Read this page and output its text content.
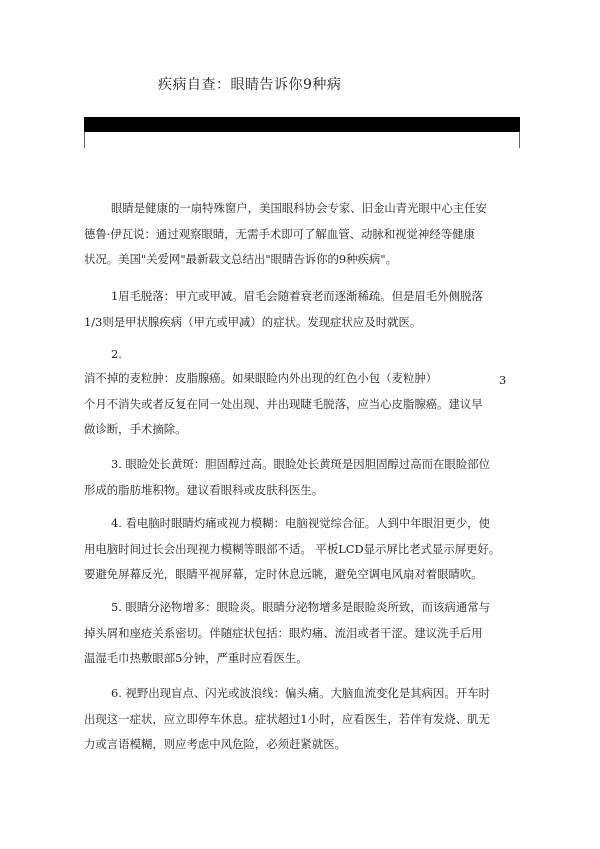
疾病自查：眼睛告诉你9种病
眼睛是健康的一扇特殊窗户，美国眼科协会专家、旧金山青光眼中心主任安
德鲁·伊瓦说：通过观察眼睛，无需手术即可了解血管、动脉和视觉神经等健康
状况。美国"关爱网"最新载文总结出"眼睛告诉你的9种疾病"。
1眉毛脱落：甲亢或甲减。眉毛会随着衰老而逐渐稀疏。但是眉毛外侧脱落
1/3则是甲状腺疾病（甲亢或甲减）的症状。发现症状应及时就医。
2.
消不掉的麦粒肿：皮脂腺癌。如果眼睑内外出现的红色小包（麦粒肿）
个月不消失或者反复在同一处出现、并出现睫毛脱落，应当心皮脂腺癌。建议早
做诊断，手术摘除。
3
3. 眼睑处长黄斑：胆固醇过高。眼睑处长黄斑是因胆固醇过高而在眼睑部位
形成的脂肪堆积物。建议看眼科或皮肤科医生。
4. 看电脑时眼睛灼痛或视力模糊：电脑视觉综合征。人到中年眼泪更少，使
用电脑时间过长会出现视力模糊等眼部不适。 平板LCD显示屏比老式显示屏更好。
要避免屏幕反光，眼睛平视屏幕，定时休息远眺，避免空调电风扇对着眼睛吹。
5. 眼睛分泌物增多：眼睑炎。眼睛分泌物增多是眼睑炎所致，而该病通常与
掉头屑和座疮关系密切。伴随症状包括：眼灼痛、流泪或者干涩。建议洗手后用
温湿毛巾热敷眼部5分钟，严重时应看医生。
6. 视野出现盲点、闪光或波浪线：偏头痛。大脑血流变化是其病因。开车时
出现这一症状，应立即停车休息。症状超过1小时，应看医生，若伴有发烧、肌无
力或言语模糊，则应考虑中风危险，必须赶紧就医。
